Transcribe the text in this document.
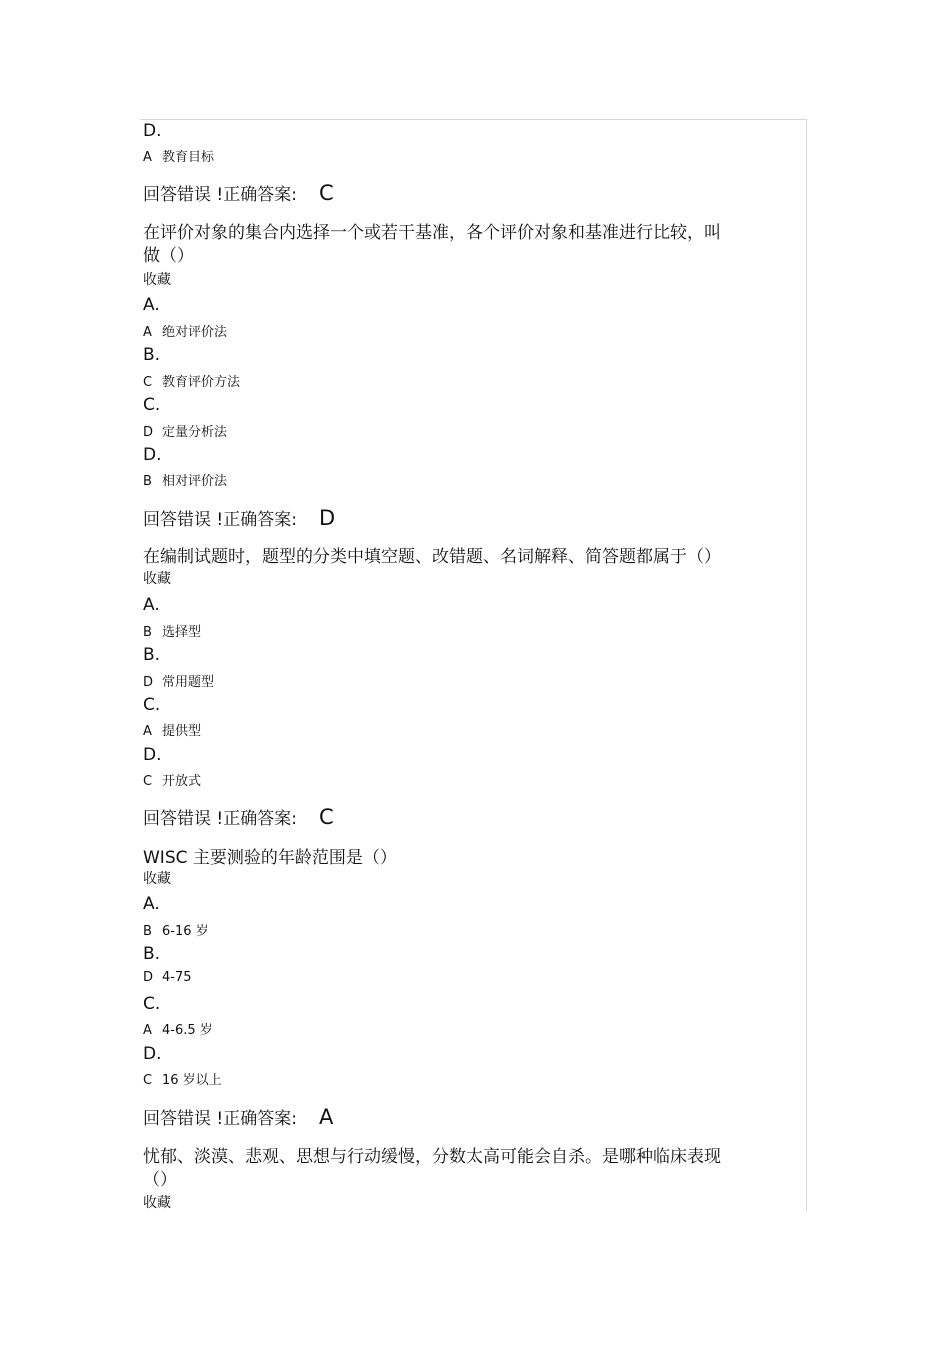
D.
A 教育目标
回答错误 !正确答案: C
在评价对象的集合内选择一个或若干基准，各个评价对象和基准进行比较，叫
做（）
收藏
A.
A 绝对评价法
B.
C 教育评价方法
C.
D 定量分析法
D.
B 相对评价法
回答错误 !正确答案: D
在编制试题时，题型的分类中填空题、改错题、名词解释、简答题都属于（）
收藏
A.
B 选择型
B.
D 常用题型
C.
A 提供型
D.
C 开放式
回答错误 !正确答案: C
WISC 主要测验的年龄范围是（）
收藏
A.
B 6-16 岁
B.
D 4-75
C.
A 4-6.5 岁
D.
C 16 岁以上
回答错误 !正确答案: A
忧郁、淡漠、悲观、思想与行动缓慢，分数太高可能会自杀。是哪种临床表现
（）
收藏
